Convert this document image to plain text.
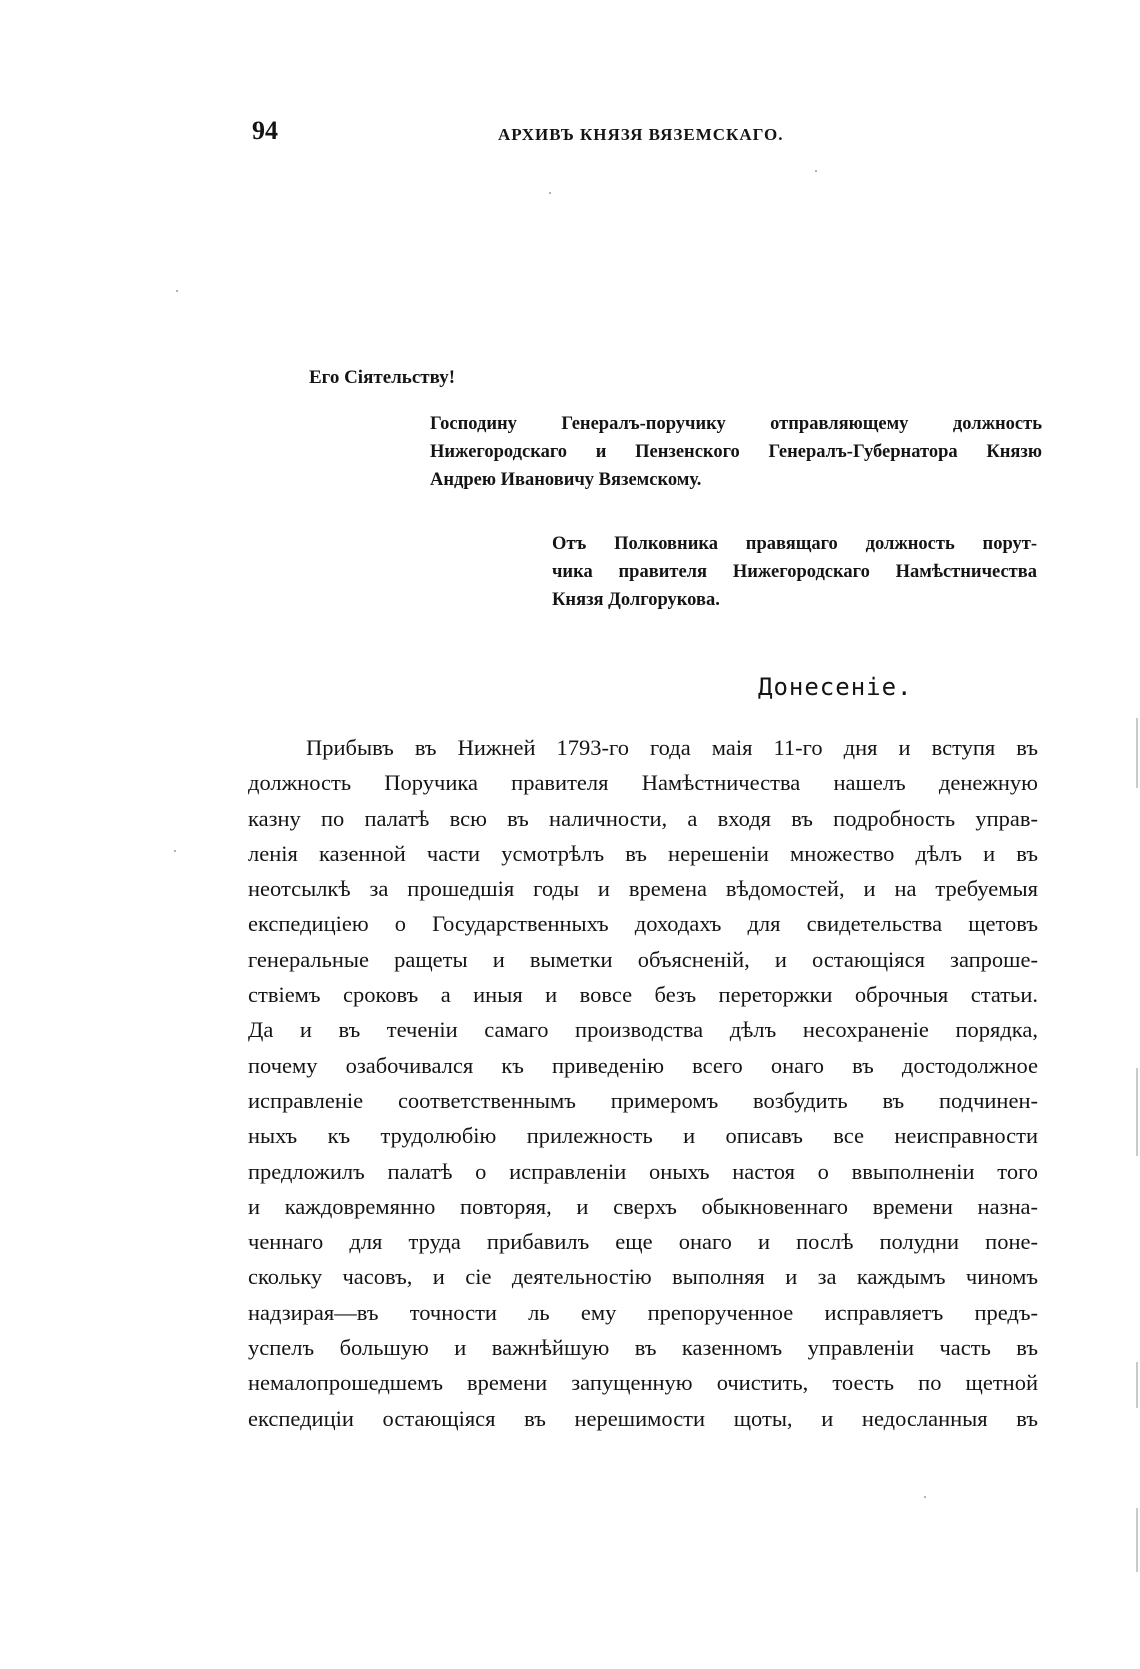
94	АРХИВЪ КНЯЗЯ ВЯЗЕМСКАГО.
Его Сіятельству!
Господину Генералъ-поручику отправляющему должность
Нижегородскаго и Пензенского Генералъ-Губернатора Князю
Андрею Ивановичу Вяземскому.
Отъ Полковника правящаго должность порут-
чика правителя Нижегородскаго Намѣстничества
Князя Долгорукова.
Донесеніе.
Прибывъ въ Нижней 1793-го года маія 11-го дня и вступя въ
должность Поручика правителя Намѣстничества нашелъ денежную
казну по палатѣ всю въ наличности, а входя въ подробность управ-
ленія казенной части усмотрѣлъ въ нерешеніи множество дѣлъ и въ
неотсылкѣ за прошедшія годы и времена вѣдомостей, и на требуемыя
експедиціею о Государственныхъ доходахъ для свидетельства щетовъ
генеральные ращеты и выметки объясненій, и остающіяся запроше-
ствіемъ сроковъ а иныя и вовсе безъ переторжки оброчныя статьи.
Да и въ теченіи самаго производства дѣлъ несохраненіе порядка,
почему озабочивался къ приведенію всего онаго въ достодолжное
исправленіе соответственнымъ примеромъ возбудить въ подчинен-
ныхъ къ трудолюбію прилежность и описавъ все неисправности
предложилъ палатѣ о исправленіи оныхъ настоя о ввыполненіи того
и каждовремянно повторяя, и сверхъ обыкновеннаго времени назна-
ченнаго для труда прибавилъ еще онаго и послѣ полудни поне-
скольку часовъ, и сіе деятельностію выполняя и за каждымъ чиномъ
надзирая—въ точности ль ему препорученное исправляетъ предъ-
успелъ большую и важнѣйшую въ казенномъ управленіи часть въ
немалопрошедшемъ времени запущенную очистить, тоесть по щетной
експедиціи остающіяся въ нерешимости щоты, и недосланныя въ
